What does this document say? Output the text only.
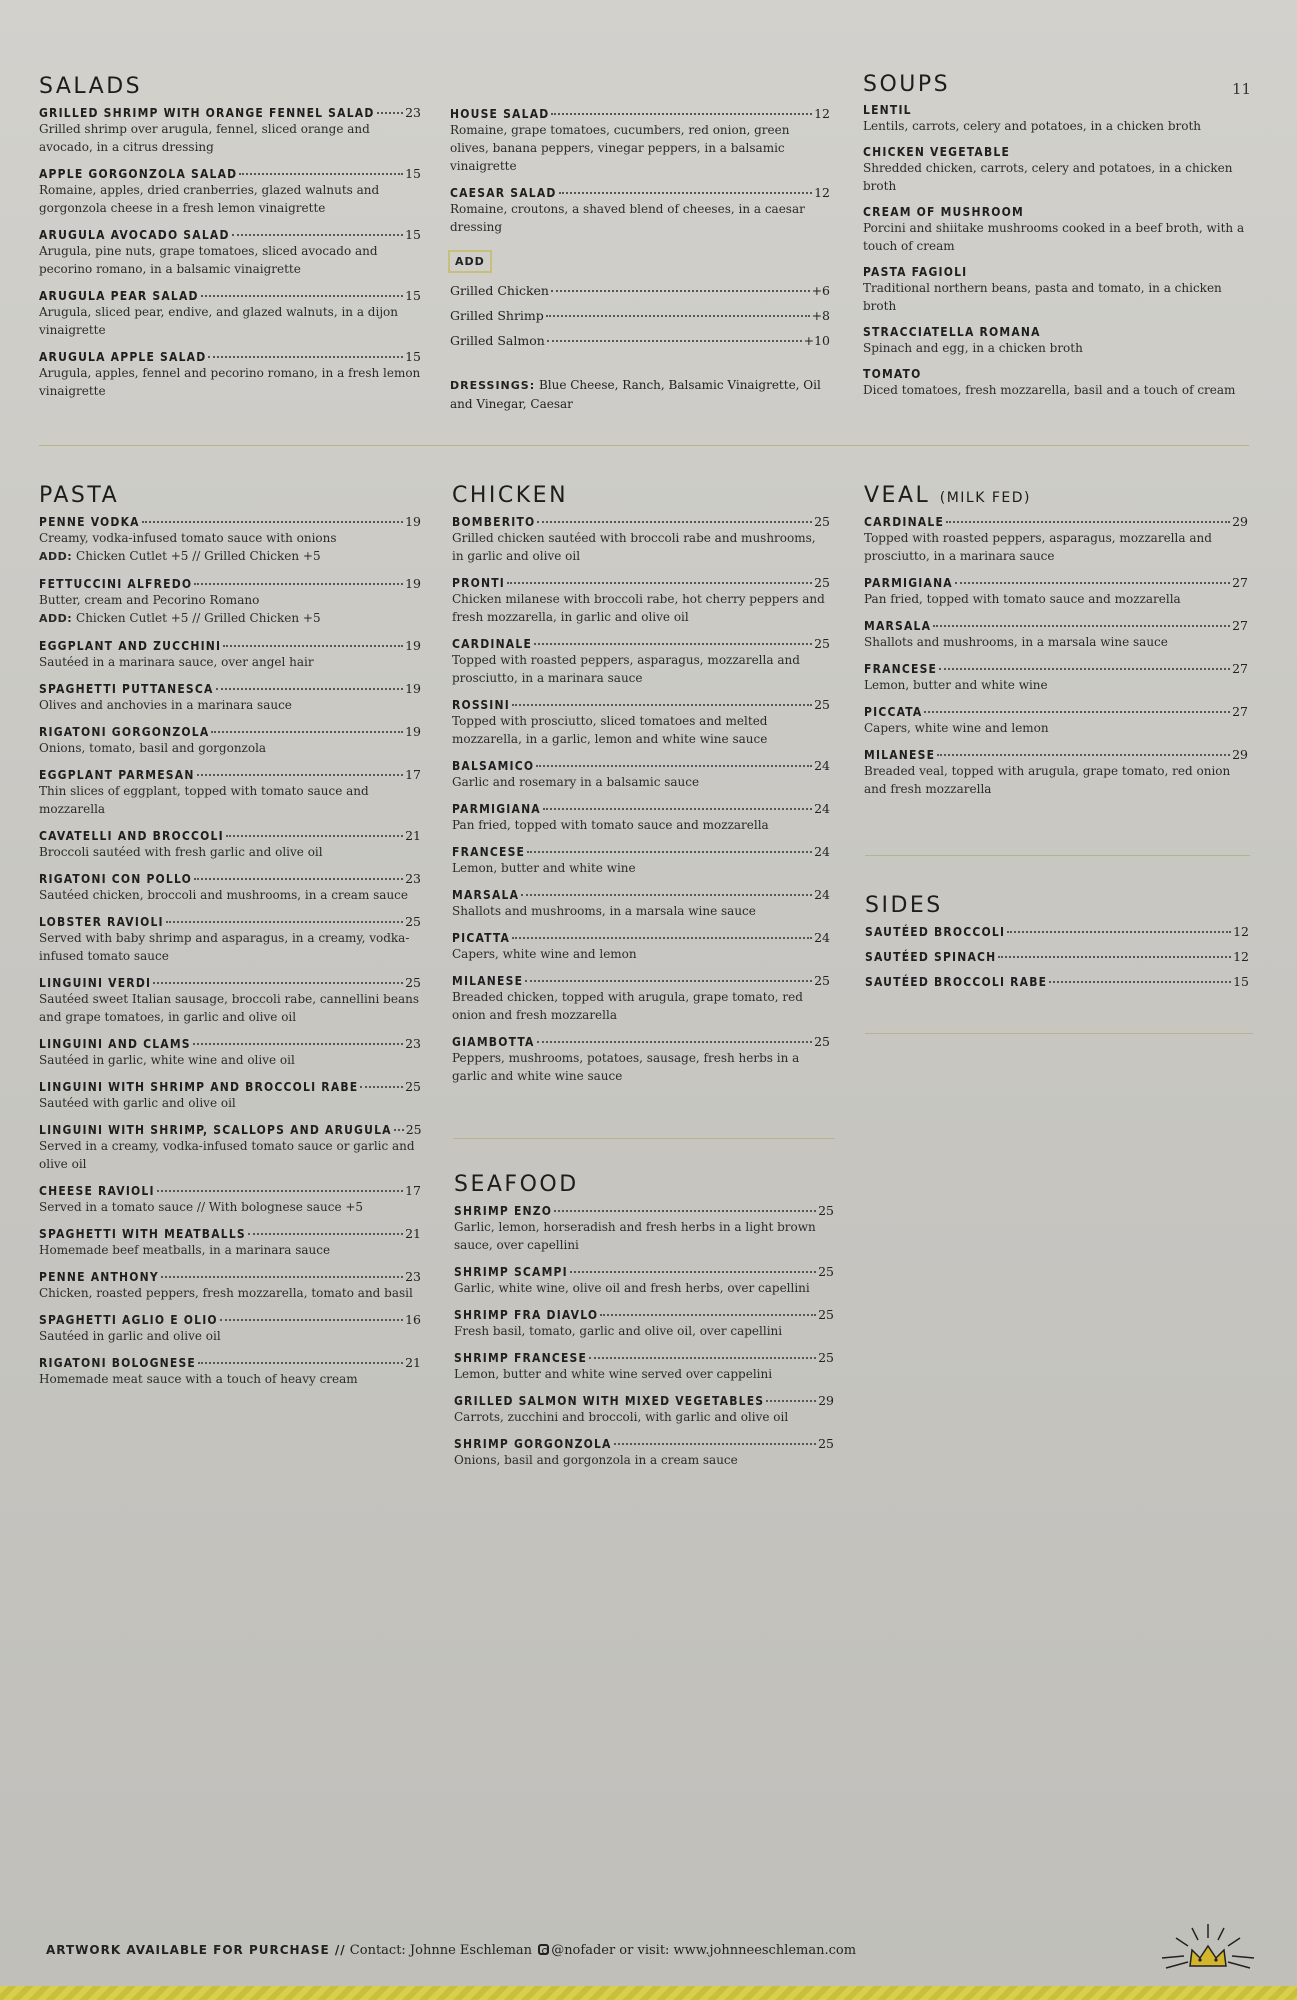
11
SALADS
GRILLED SHRIMP WITH ORANGE FENNEL SALAD 23
Grilled shrimp over arugula, fennel, sliced orange and avocado, in a citrus dressing
APPLE GORGONZOLA SALAD	15
Romaine, apples, dried cranberries, glazed walnuts and gorgonzola cheese in a fresh lemon vinaigrette
ARUGULA AVOCADO SALAD	15
Arugula, pine nuts, grape tomatoes, sliced avocado and pecorino romano, in a balsamic vinaigrette
ARUGULA PEAR SALAD	15
Arugula, sliced pear, endive, and glazed walnuts, in a dijon vinaigrette
ARUGULA APPLE SALAD	15
Arugula, apples, fennel and pecorino romano, in a fresh lemon vinaigrette
HOUSE SALAD	12
Romaine, grape tomatoes, cucumbers, red onion, green olives, banana peppers, vinegar peppers, in a balsamic vinaigrette
CAESAR SALAD	12
Romaine, croutons, a shaved blend of cheeses, in a caesar dressing
ADD
Grilled Chicken	+6
Grilled Shrimp	+8
Grilled Salmon	+10
DRESSINGS: Blue Cheese, Ranch, Balsamic Vinaigrette, Oil and Vinegar, Caesar
SOUPS
LENTIL
Lentils, carrots, celery and potatoes, in a chicken broth
CHICKEN VEGETABLE
Shredded chicken, carrots, celery and potatoes, in a chicken broth
CREAM OF MUSHROOM
Porcini and shiitake mushrooms cooked in a beef broth, with a touch of cream
PASTA FAGIOLI
Traditional northern beans, pasta and tomato, in a chicken broth
STRACCIATELLA ROMANA
Spinach and egg, in a chicken broth
TOMATO
Diced tomatoes, fresh mozzarella, basil and a touch of cream
PASTA
PENNE VODKA	19
Creamy, vodka-infused tomato sauce with onions
ADD: Chicken Cutlet +5 // Grilled Chicken +5
FETTUCCINI ALFREDO	19
Butter, cream and Pecorino Romano
ADD: Chicken Cutlet +5 // Grilled Chicken +5
EGGPLANT AND ZUCCHINI	19
Sautéed in a marinara sauce, over angel hair
SPAGHETTI PUTTANESCA	19
Olives and anchovies in a marinara sauce
RIGATONI GORGONZOLA	19
Onions, tomato, basil and gorgonzola
EGGPLANT PARMESAN	17
Thin slices of eggplant, topped with tomato sauce and mozzarella
CAVATELLI AND BROCCOLI	21
Broccoli sautéed with fresh garlic and olive oil
RIGATONI CON POLLO	23
Sautéed chicken, broccoli and mushrooms, in a cream sauce
LOBSTER RAVIOLI	25
Served with baby shrimp and asparagus, in a creamy, vodka-infused tomato sauce
LINGUINI VERDI	25
Sautéed sweet Italian sausage, broccoli rabe, cannellini beans and grape tomatoes, in garlic and olive oil
LINGUINI AND CLAMS	23
Sautéed in garlic, white wine and olive oil
LINGUINI WITH SHRIMP AND BROCCOLI RABE	25
Sautéed with garlic and olive oil
LINGUINI WITH SHRIMP, SCALLOPS AND ARUGULA 25
Served in a creamy, vodka-infused tomato sauce or garlic and olive oil
CHEESE RAVIOLI	17
Served in a tomato sauce // With bolognese sauce +5
SPAGHETTI WITH MEATBALLS	21
Homemade beef meatballs, in a marinara sauce
PENNE ANTHONY	23
Chicken, roasted peppers, fresh mozzarella, tomato and basil
SPAGHETTI AGLIO E OLIO	16
Sautéed in garlic and olive oil
RIGATONI BOLOGNESE	21
Homemade meat sauce with a touch of heavy cream
CHICKEN
BOMBERITO	25
Grilled chicken sautéed with broccoli rabe and mushrooms, in garlic and olive oil
PRONTI	25
Chicken milanese with broccoli rabe, hot cherry peppers and fresh mozzarella, in garlic and olive oil
CARDINALE	25
Topped with roasted peppers, asparagus, mozzarella and prosciutto, in a marinara sauce
ROSSINI	25
Topped with prosciutto, sliced tomatoes and melted mozzarella, in a garlic, lemon and white wine sauce
BALSAMICO	24
Garlic and rosemary in a balsamic sauce
PARMIGIANA	24
Pan fried, topped with tomato sauce and mozzarella
FRANCESE	24
Lemon, butter and white wine
MARSALA	24
Shallots and mushrooms, in a marsala wine sauce
PICATTA	24
Capers, white wine and lemon
MILANESE	25
Breaded chicken, topped with arugula, grape tomato, red onion and fresh mozzarella
GIAMBOTTA	25
Peppers, mushrooms, potatoes, sausage, fresh herbs in a garlic and white wine sauce
SEAFOOD
SHRIMP ENZO	25
Garlic, lemon, horseradish and fresh herbs in a light brown sauce, over capellini
SHRIMP SCAMPI	25
Garlic, white wine, olive oil and fresh herbs, over capellini
SHRIMP FRA DIAVLO	25
Fresh basil, tomato, garlic and olive oil, over capellini
SHRIMP FRANCESE	25
Lemon, butter and white wine served over cappelini
GRILLED SALMON WITH MIXED VEGETABLES	29
Carrots, zucchini and broccoli, with garlic and olive oil
SHRIMP GORGONZOLA	25
Onions, basil and gorgonzola in a cream sauce
VEAL (MILK FED)
CARDINALE	29
Topped with roasted peppers, asparagus, mozzarella and prosciutto, in a marinara sauce
PARMIGIANA	27
Pan fried, topped with tomato sauce and mozzarella
MARSALA	27
Shallots and mushrooms, in a marsala wine sauce
FRANCESE	27
Lemon, butter and white wine
PICCATA	27
Capers, white wine and lemon
MILANESE	29
Breaded veal, topped with arugula, grape tomato, red onion and fresh mozzarella
SIDES
SAUTÉED BROCCOLI	12
SAUTÉED SPINACH	12
SAUTÉED BROCCOLI RABE	15
ARTWORK AVAILABLE FOR PURCHASE // Contact: Johnne Eschleman @nofader or visit: www.johnneeschleman.com
